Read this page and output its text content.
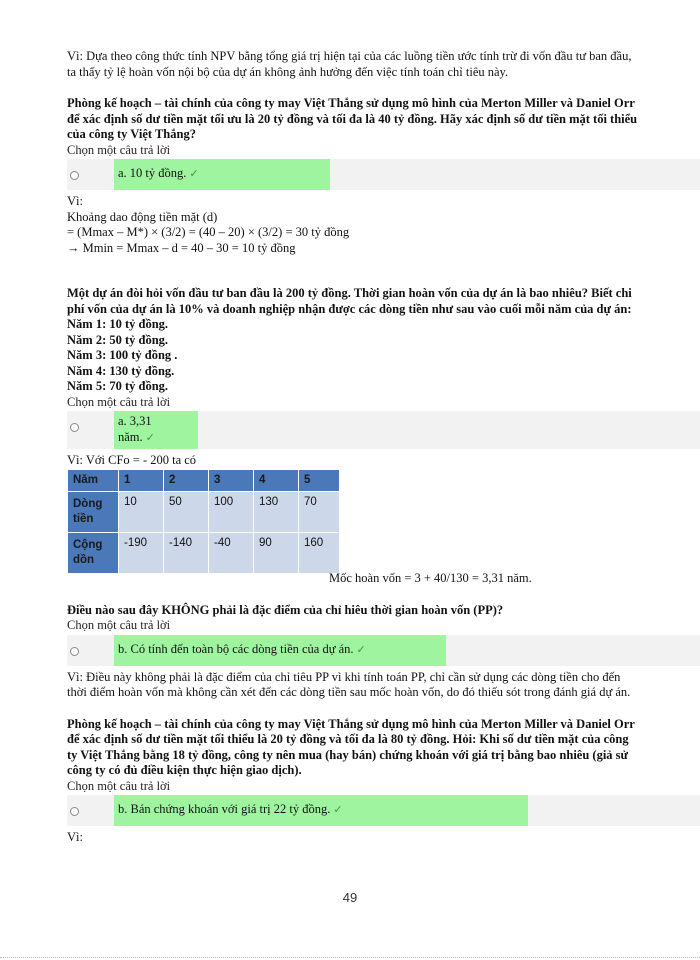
Vì: Dựa theo công thức tính NPV bằng tổng giá trị hiện tại của các luồng tiền ước tính trừ đi vốn đầu tư ban đầu, ta thấy tỷ lệ hoàn vốn nội bộ của dự án không ảnh hưởng đến việc tính toán chỉ tiêu này.

Phòng kế hoạch – tài chính của công ty may Việt Thắng sử dụng mô hình của Merton Miller và Daniel Orr để xác định số dư tiền mặt tối ưu là 20 tỷ đồng và tối đa là 40 tỷ đồng. Hãy xác định số dư tiền mặt tối thiểu của công ty Việt Thắng?

Chọn một câu trả lời

a. 10 tỷ đồng. ✓

Vì:

Khoảng dao động tiền mặt (d)

= (Mmax – M*) × (3/2) = (40 – 20) × (3/2) = 30 tỷ đồng

→ Mmin = Mmax – d = 40 – 30 = 10 tỷ đồng

Một dự án đòi hỏi vốn đầu tư ban đầu là 200 tỷ đồng. Thời gian hoàn vốn của dự án là bao nhiêu? Biết chi phí vốn của dự án là 10% và doanh nghiệp nhận được các dòng tiền như sau vào cuối mỗi năm của dự án:

Năm 1: 10 tỷ đồng.

Năm 2: 50 tỷ đồng.

Năm 3: 100 tỷ đồng .

Năm 4: 130 tỷ đồng.

Năm 5: 70 tỷ đồng.

Chọn một câu trả lời

a. 3,31
năm. ✓

Vì: Với CFo = - 200 ta có

Năm	1	2	3	4	5
Dòng tiền	10	50	100	130	70
Cộng dồn	-190	-140	-40	90	160

Mốc hoàn vốn = 3 + 40/130 = 3,31 năm.

Điều nào sau đây KHÔNG phải là đặc điểm của chỉ hiêu thời gian hoàn vốn (PP)?

Chọn một câu trả lời

b. Có tính đến toàn bộ các dòng tiền của dự án. ✓

Vì: Điều này không phải là đặc điểm của chỉ tiêu PP vì khi tính toán PP, chỉ cần sử dụng các dòng tiền cho đến thời điểm hoàn vốn mà không cần xét đến các dòng tiền sau mốc hoàn vốn, do đó thiếu sót trong đánh giá dự án.

Phòng kế hoạch – tài chính của công ty may Việt Thắng sử dụng mô hình của Merton Miller và Daniel Orr để xác định số dư tiền mặt tối thiểu là 20 tỷ đồng và tối đa là 80 tỷ đồng. Hỏi: Khi số dư tiền mặt của công ty Việt Thắng bằng 18 tỷ đồng, công ty nên mua (hay bán) chứng khoán với giá trị bằng bao nhiêu (giả sử công ty có đủ điều kiện thực hiện giao dịch).

Chọn một câu trả lời

b. Bán chứng khoán với giá trị 22 tỷ đồng. ✓

Vì:

49
